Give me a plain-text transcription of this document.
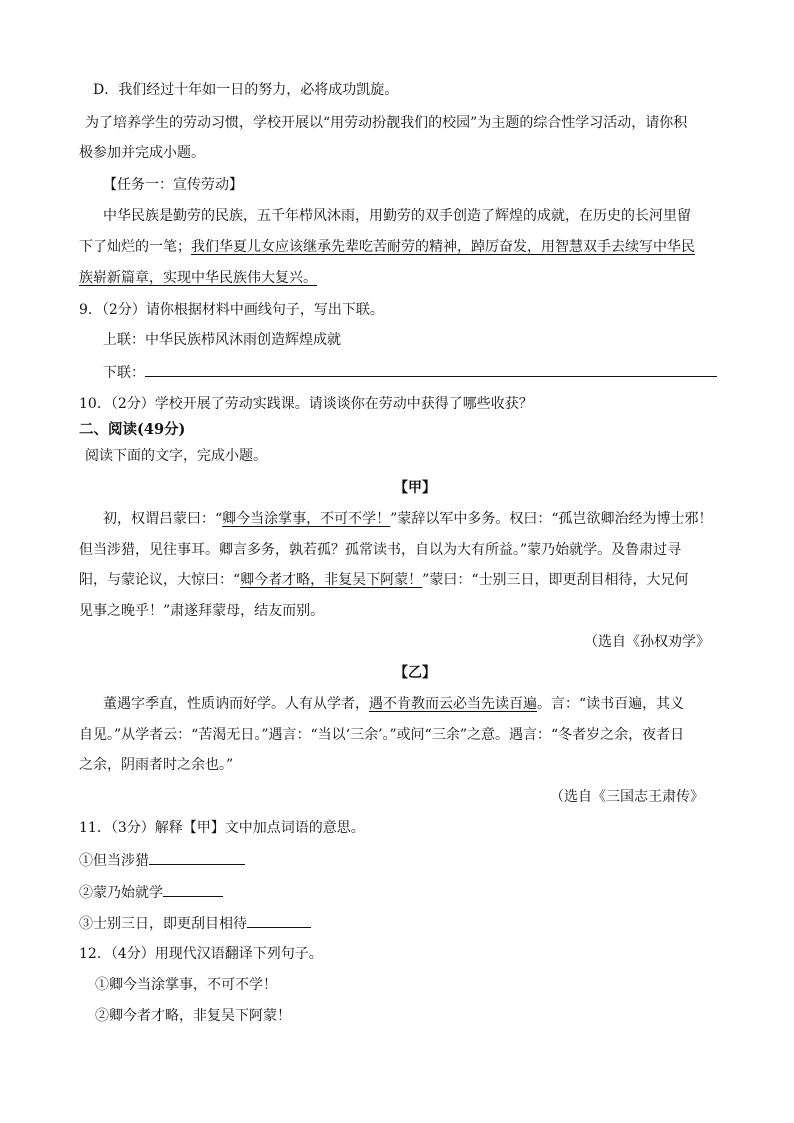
D．我们经过十年如一日的努力，必将成功凯旋。
为了培养学生的劳动习惯，学校开展以“用劳动扮靓我们的校园”为主题的综合性学习活动，请你积
极参加并完成小题。
【任务一：宣传劳动】
中华民族是勤劳的民族，五千年栉风沐雨，用勤劳的双手创造了辉煌的成就，在历史的长河里留
下了灿烂的一笔；我们华夏儿女应该继承先辈吃苦耐劳的精神，踔厉奋发，用智慧双手去续写中华民
族崭新篇章，实现中华民族伟大复兴。
9．（2分）请你根据材料中画线句子，写出下联。
上联：中华民族栉风沐雨创造辉煌成就
下联：
10．（2分）学校开展了劳动实践课。请谈谈你在劳动中获得了哪些收获？
二、阅读(49分)
阅读下面的文字，完成小题。
【甲】
初，权谓吕蒙曰：“卿今当涂掌事，不可不学！”蒙辞以军中多务。权曰：“孤岂欲卿治经为博士邪！
但当涉猎，见往事耳。卿言多务，孰若孤？孤常读书，自以为大有所益。”蒙乃始就学。及鲁肃过寻
阳，与蒙论议，大惊曰：“卿今者才略，非复吴下阿蒙！”蒙曰：“士别三日，即更刮目相待，大兄何
见事之晚乎！”肃遂拜蒙母，结友而别。
（选自《孙权劝学》
【乙】
董遇字季直，性质讷而好学。人有从学者，遇不肯教而云必当先读百遍。言：“读书百遍，其义
自见。”从学者云：“苦渴无日。”遇言：“当以‘三余’。”或问“三余”之意。遇言：“冬者岁之余，夜者日
之余，阴雨者时之余也。”
（选自《三国志王肃传》
11．（3分）解释【甲】文中加点词语的意思。
①但当涉猎
②蒙乃始就学
③士别三日，即更刮目相待
12．（4分）用现代汉语翻译下列句子。
①卿今当涂掌事，不可不学！
②卿今者才略，非复吴下阿蒙！
